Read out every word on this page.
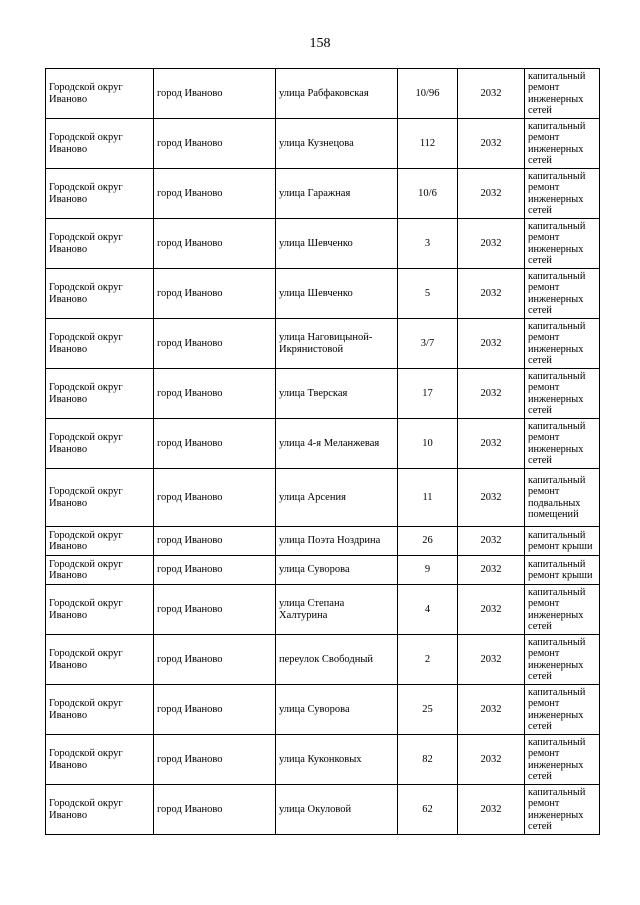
158
Городской округ Иваново	город Иваново	улица Рабфаковская	10/96	2032	капитальный ремонт инженерных сетей
Городской округ Иваново	город Иваново	улица Кузнецова	112	2032	капитальный ремонт инженерных сетей
Городской округ Иваново	город Иваново	улица Гаражная	10/6	2032	капитальный ремонт инженерных сетей
Городской округ Иваново	город Иваново	улица Шевченко	3	2032	капитальный ремонт инженерных сетей
Городской округ Иваново	город Иваново	улица Шевченко	5	2032	капитальный ремонт инженерных сетей
Городской округ Иваново	город Иваново	улица Наговицыной-Икрянистовой	3/7	2032	капитальный ремонт инженерных сетей
Городской округ Иваново	город Иваново	улица Тверская	17	2032	капитальный ремонт инженерных сетей
Городской округ Иваново	город Иваново	улица 4-я Меланжевая	10	2032	капитальный ремонт инженерных сетей
Городской округ Иваново	город Иваново	улица Арсения	11	2032	капитальный ремонт подвальных помещений
Городской округ Иваново	город Иваново	улица Поэта Ноздрина	26	2032	капитальный ремонт крыши
Городской округ Иваново	город Иваново	улица Суворова	9	2032	капитальный ремонт крыши
Городской округ Иваново	город Иваново	улица Степана Халтурина	4	2032	капитальный ремонт инженерных сетей
Городской округ Иваново	город Иваново	переулок Свободный	2	2032	капитальный ремонт инженерных сетей
Городской округ Иваново	город Иваново	улица Суворова	25	2032	капитальный ремонт инженерных сетей
Городской округ Иваново	город Иваново	улица Куконковых	82	2032	капитальный ремонт инженерных сетей
Городской округ Иваново	город Иваново	улица Окуловой	62	2032	капитальный ремонт инженерных сетей
